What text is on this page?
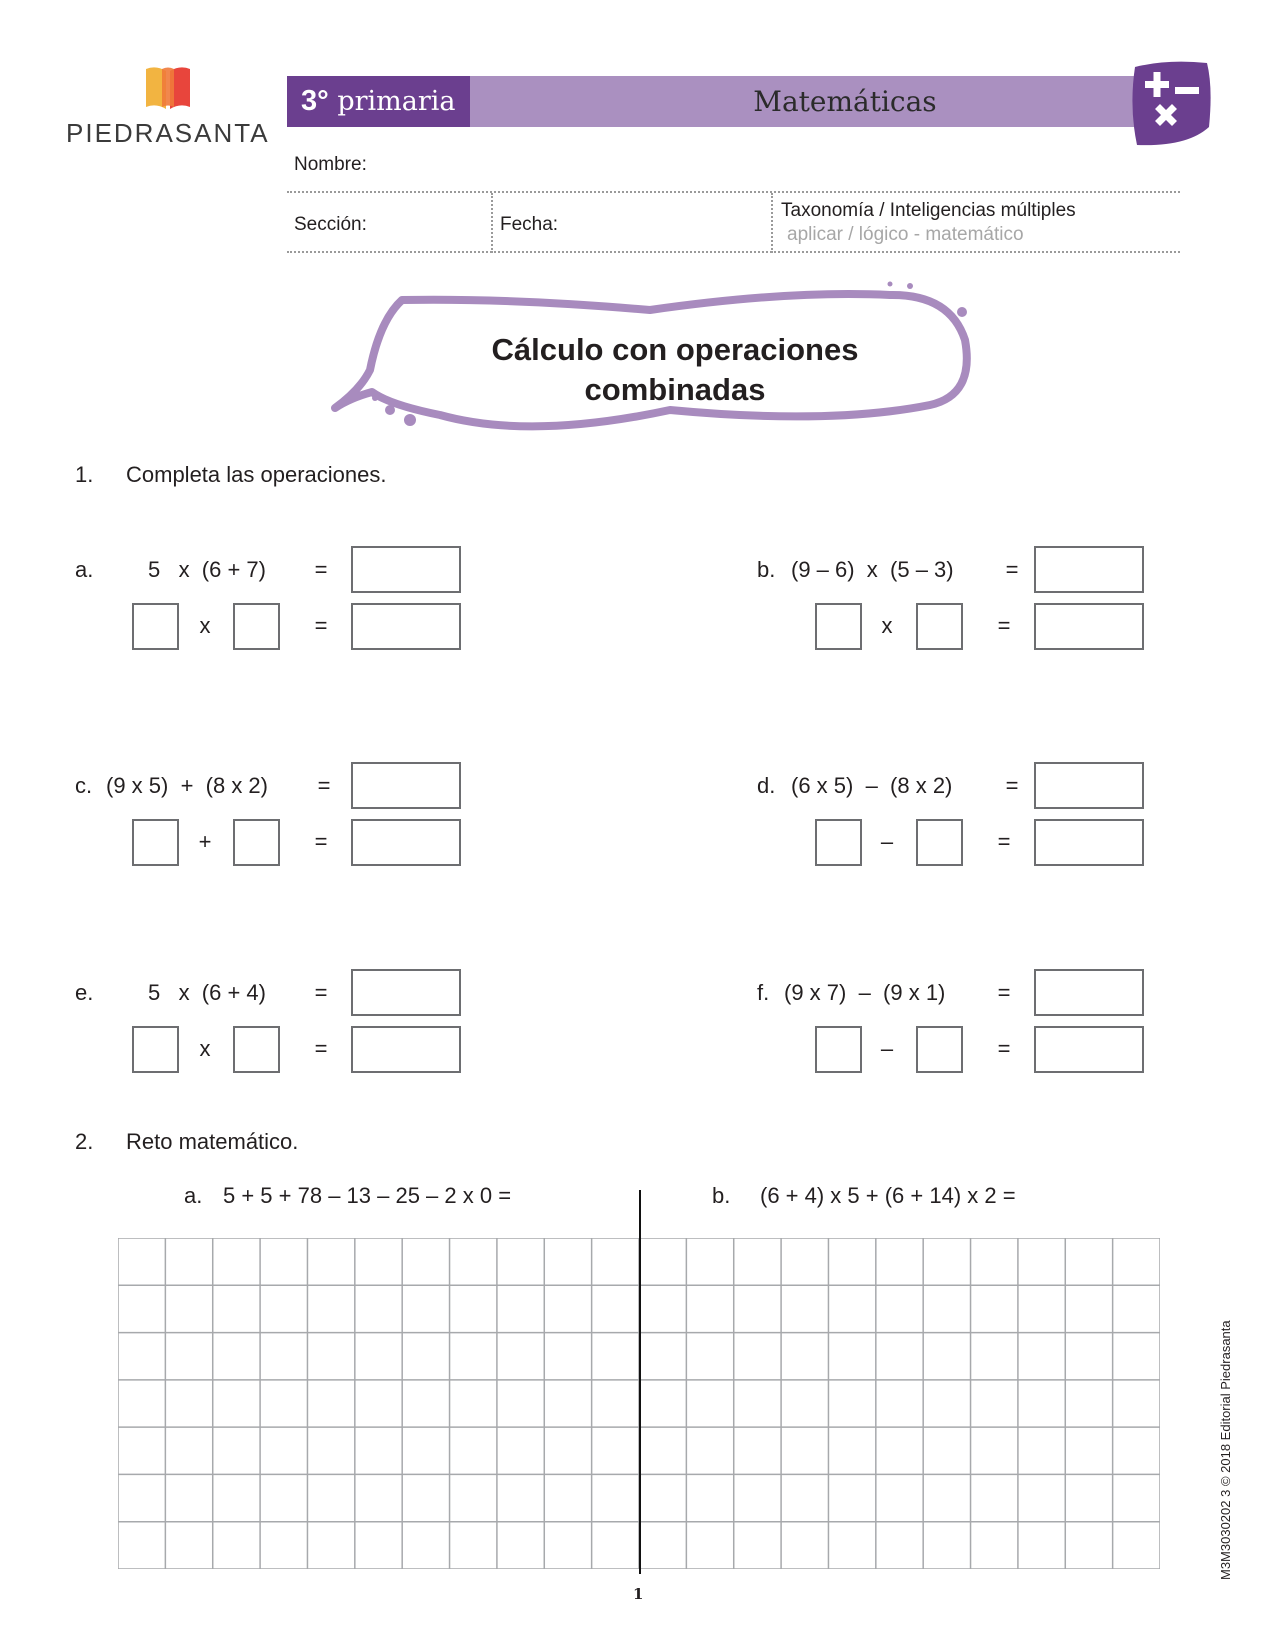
PIEDRASANTA
3° primaria	Matemáticas
Nombre:
Sección:	Fecha:
Taxonomía / Inteligencias múltiples
aplicar / lógico - matemático
Cálculo con operaciones
combinadas
1. Completa las operaciones.
a. 5   x  (6 + 7)	=
x	=
b. (9 – 6)  x  (5 – 3)	=
x	=
c. (9 x 5)  +  (8 x 2)	=
+	=
d. (6 x 5)  –  (8 x 2)	=
–	=
e. 5   x  (6 + 4)	=
x	=
f. (9 x 7)  –  (9 x 1)	=
–	=
2. Reto matemático.
a. 5 + 5 + 78 – 13 – 25 – 2 x 0 =	b. (6 + 4) x 5 + (6 + 14) x 2 =
1
M3M3030202 3 © 2018 Editorial Piedrasanta
